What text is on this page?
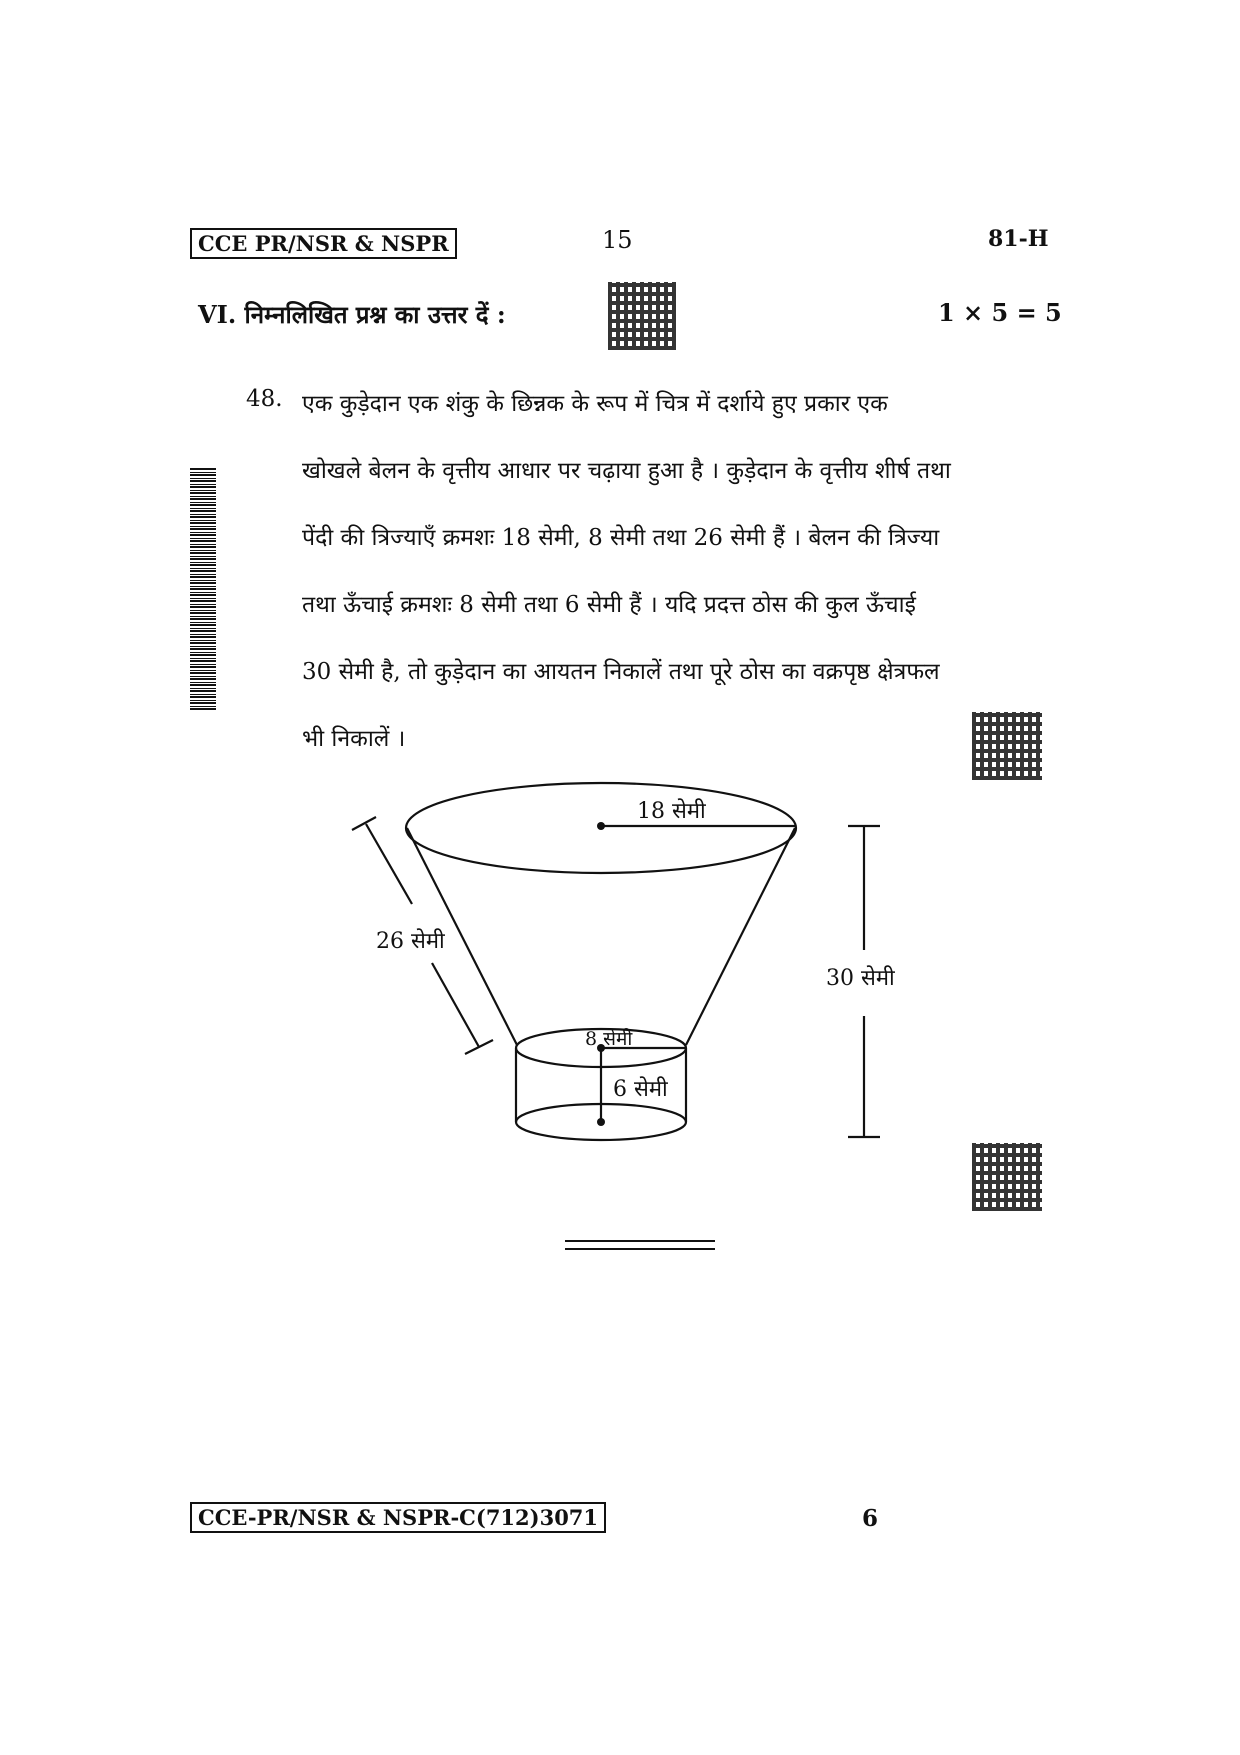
CCE PR/NSR & NSPR	15	81-H
VI. निम्नलिखित प्रश्न का उत्तर दें :	1 × 5 = 5
48. एक कुड़ेदान एक शंकु के छिन्नक के रूप में चित्र में दर्शाये हुए प्रकार एक
खोखले बेलन के वृत्तीय आधार पर चढ़ाया हुआ है । कुड़ेदान के वृत्तीय शीर्ष तथा
पेंदी की त्रिज्याएँ क्रमशः 18 सेमी, 8 सेमी तथा 26 सेमी हैं । बेलन की त्रिज्या
तथा ऊँचाई क्रमशः 8 सेमी तथा 6 सेमी हैं । यदि प्रदत्त ठोस की कुल ऊँचाई
30 सेमी है, तो कुड़ेदान का आयतन निकालें तथा पूरे ठोस का वक्रपृष्ठ क्षेत्रफल
भी निकालें ।
18 सेमी
26 सेमी
30 सेमी
8 सेमी
6 सेमी
CCE-PR/NSR & NSPR-C(712)3071	6
